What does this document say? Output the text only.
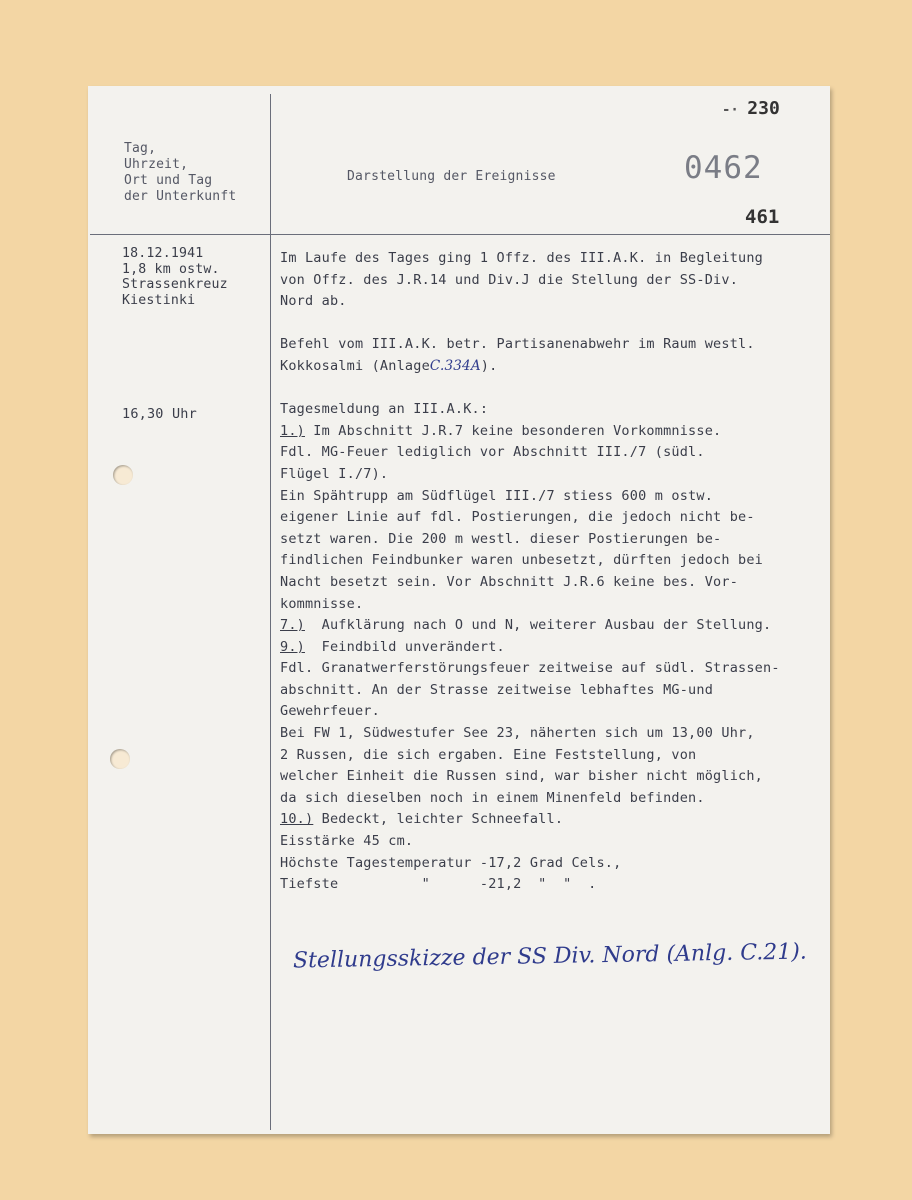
Tag,
Uhrzeit,
Ort und Tag
der Unterkunft
Darstellung der Ereignisse
-· 230
0462
461
18.12.1941
1,8 km ostw.
Strassenkreuz
Kiestinki
16,30 Uhr
Im Laufe des Tages ging 1 Offz. des III.A.K. in Begleitung
von Offz. des J.R.14 und Div.J die Stellung der SS-Div.
Nord ab.

Befehl vom III.A.K. betr. Partisanenabwehr im Raum westl.
Kokkosalmi (AnlageC.334A).

Tagesmeldung an III.A.K.:
1.) Im Abschnitt J.R.7 keine besonderen Vorkommnisse.
Fdl. MG-Feuer lediglich vor Abschnitt III./7 (südl.
Flügel I./7).
Ein Spähtrupp am Südflügel III./7 stiess 600 m ostw.
eigener Linie auf fdl. Postierungen, die jedoch nicht be-
setzt waren. Die 200 m westl. dieser Postierungen be-
findlichen Feindbunker waren unbesetzt, dürften jedoch bei
Nacht besetzt sein. Vor Abschnitt J.R.6 keine bes. Vor-
kommnisse.
7.)  Aufklärung nach O und N, weiterer Ausbau der Stellung.
9.)  Feindbild unverändert.
Fdl. Granatwerferstörungsfeuer zeitweise auf südl. Strassen-
abschnitt. An der Strasse zeitweise lebhaftes MG-und
Gewehrfeuer.
Bei FW 1, Südwestufer See 23, näherten sich um 13,00 Uhr,
2 Russen, die sich ergaben. Eine Feststellung, von
welcher Einheit die Russen sind, war bisher nicht möglich,
da sich dieselben noch in einem Minenfeld befinden.
10.) Bedeckt, leichter Schneefall.
Eisstärke 45 cm.
Höchste Tagestemperatur -17,2 Grad Cels.,
Tiefste          "      -21,2  "  "  .
Stellungsskizze der SS Div. Nord (Anlg. C.21).
